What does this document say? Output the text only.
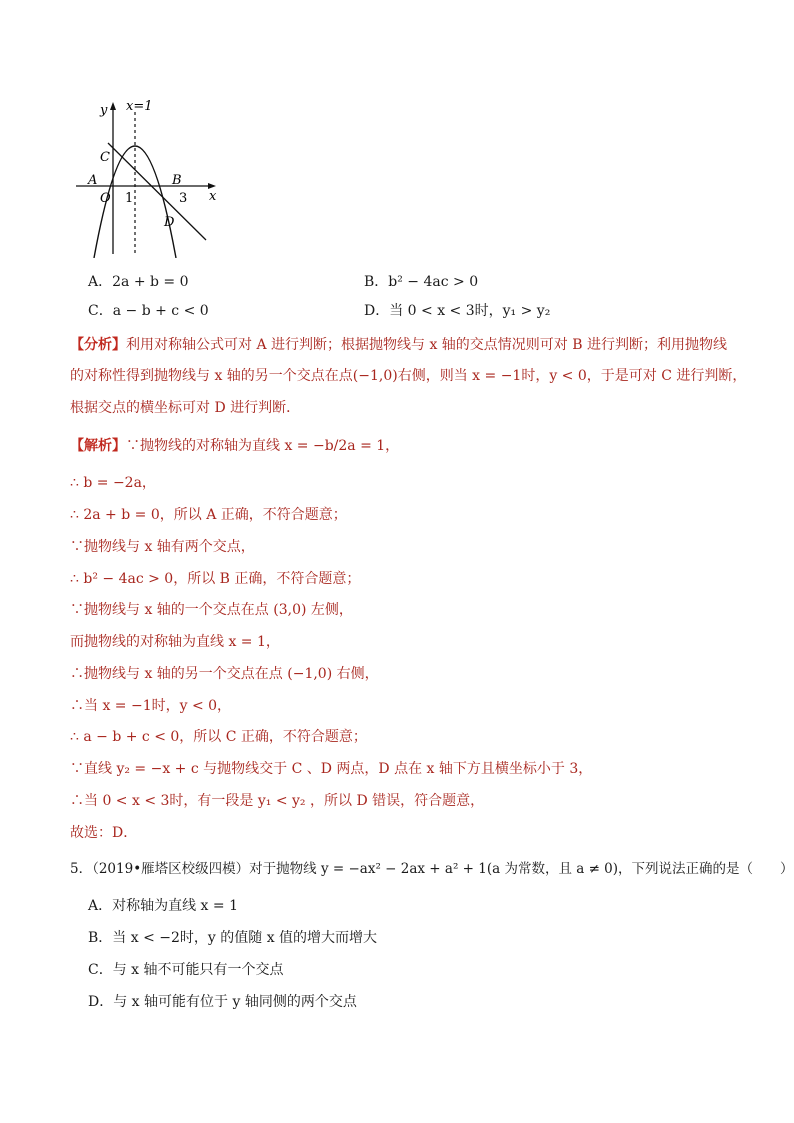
y x=1
C
A	B
O 1	3 x
D
A．2a + b = 0	B．b² − 4ac > 0
C．a − b + c < 0	D．当 0 < x < 3时，y₁ > y₂
【分析】利用对称轴公式可对 A 进行判断；根据抛物线与 x 轴的交点情况则可对 B 进行判断；利用抛物线
的对称性得到抛物线与 x 轴的另一个交点在点(−1,0)右侧，则当 x = −1时，y < 0，于是可对 C 进行判断，
根据交点的横坐标可对 D 进行判断．
【解析】∵抛物线的对称轴为直线 x = −b/2a = 1，
∴ b = −2a，
∴ 2a + b = 0，所以 A 正确，不符合题意；
∵抛物线与 x 轴有两个交点，
∴ b² − 4ac > 0，所以 B 正确，不符合题意；
∵抛物线与 x 轴的一个交点在点 (3,0) 左侧，
而抛物线的对称轴为直线 x = 1，
∴抛物线与 x 轴的另一个交点在点 (−1,0) 右侧，
∴当 x = −1时，y < 0，
∴ a − b + c < 0，所以 C 正确，不符合题意；
∵直线 y₂ = −x + c 与抛物线交于 C 、D 两点，D 点在 x 轴下方且横坐标小于 3，
∴当 0 < x < 3时，有一段是 y₁ < y₂ ，所以 D 错误，符合题意，
故选：D．
5．（2019•雁塔区校级四模）对于抛物线 y = −ax² − 2ax + a² + 1(a 为常数，且 a ≠ 0)，下列说法正确的是（　　）
A．对称轴为直线 x = 1
B．当 x < −2时，y 的值随 x 值的增大而增大
C．与 x 轴不可能只有一个交点
D．与 x 轴可能有位于 y 轴同侧的两个交点
